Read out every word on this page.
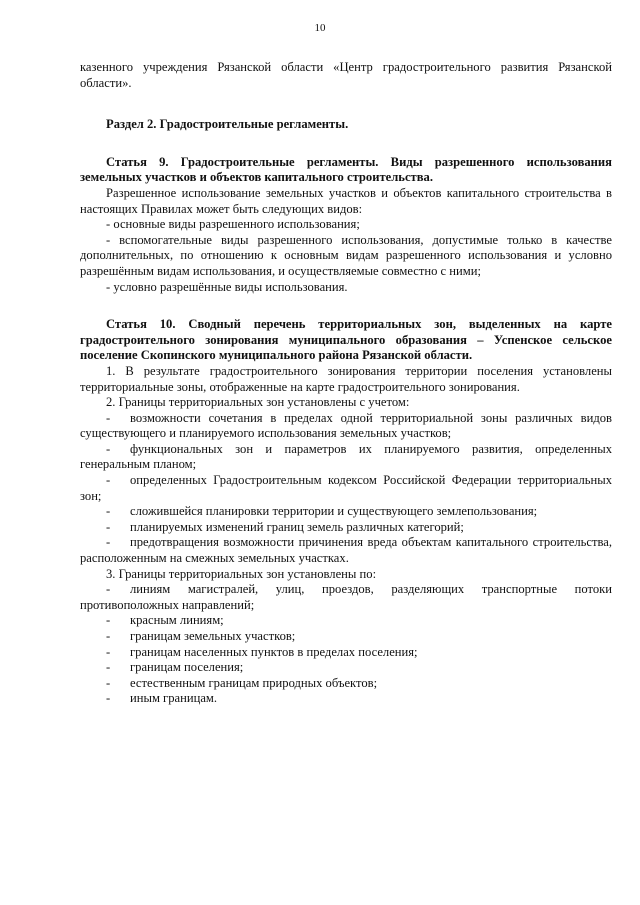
10

казенного учреждения Рязанской области «Центр градостроительного развития Рязанской области».

Раздел 2. Градостроительные регламенты.

Статья 9. Градостроительные регламенты. Виды разрешенного использования земельных участков и объектов капитального строительства.

Разрешенное использование земельных участков и объектов капитального строительства в настоящих Правилах может быть следующих видов:

- основные виды разрешенного использования;

- вспомогательные виды разрешенного использования, допустимые только в качестве дополнительных, по отношению к основным видам разрешенного использования и условно разрешённым видам использования, и осуществляемые совместно с ними;

- условно разрешённые виды использования.

Статья 10. Сводный перечень территориальных зон, выделенных на карте градостроительного зонирования муниципального образования – Успенское сельское поселение Скопинского муниципального района Рязанской области.

1. В результате градостроительного зонирования территории поселения установлены территориальные зоны, отображенные на карте градостроительного зонирования.

2. Границы территориальных зон установлены с учетом:

- возможности сочетания в пределах одной территориальной зоны различных видов существующего и планируемого использования земельных участков;

- функциональных зон и параметров их планируемого развития, определенных генеральным планом;

- определенных Градостроительным кодексом Российской Федерации территориальных зон;

- сложившейся планировки территории и существующего землепользования;

- планируемых изменений границ земель различных категорий;

- предотвращения возможности причинения вреда объектам капитального строительства, расположенным на смежных земельных участках.

3. Границы территориальных зон установлены по:

- линиям магистралей, улиц, проездов, разделяющих транспортные потоки противоположных направлений;

- красным линиям;

- границам земельных участков;

- границам населенных пунктов в пределах поселения;

- границам поселения;

- естественным границам природных объектов;

- иным границам.
